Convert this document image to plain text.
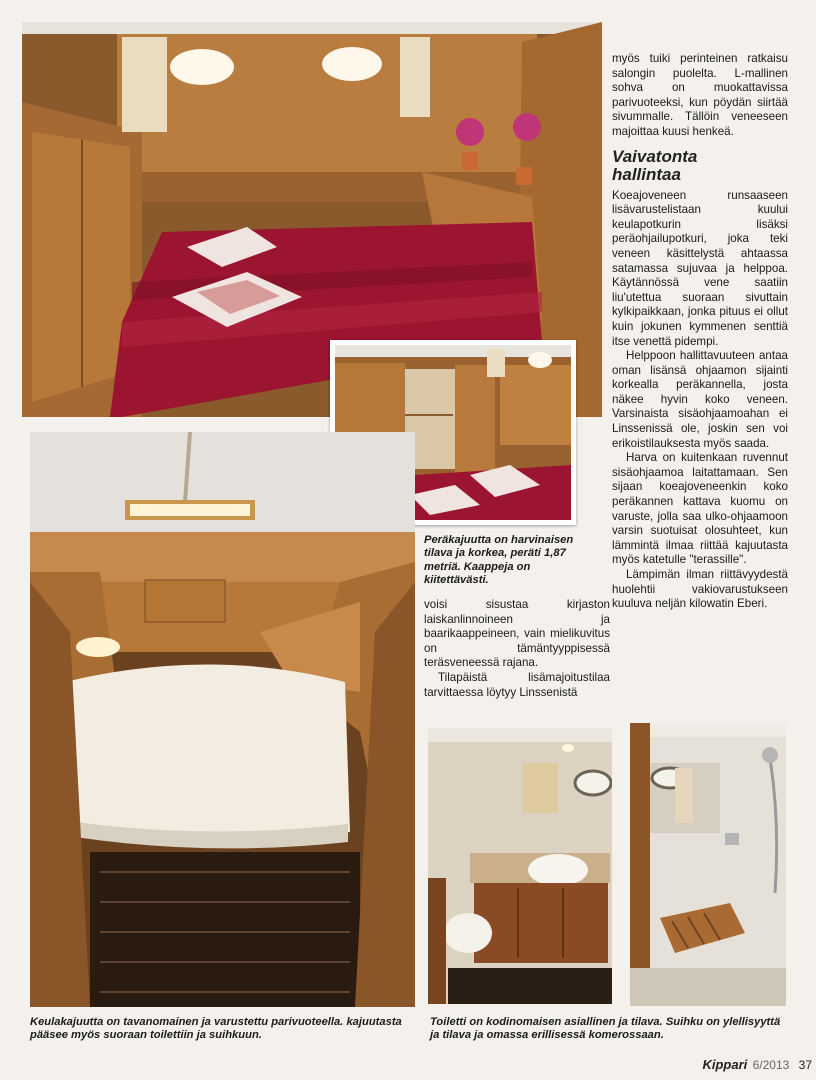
myös tuiki perinteinen ratkaisu salongin puolelta. L-mallinen sohva on muokattavissa parivuoteeksi, kun pöydän siirtää sivummalle. Tällöin veneeseen majoittaa kuusi henkeä.

Vaivatonta hallintaa

Koeajoveneen runsaaseen lisävarustelistaan kuului keulapotkurin lisäksi peräohjailupotkuri, joka teki veneen käsittelystä ahtaassa satamassa sujuvaa ja helppoa. Käytännössä vene saatiin liu'utettua suoraan sivuttain kylkipaikkaan, jonka pituus ei ollut kuin jokunen kymmenen senttiä itse venettä pidempi.

Helppoon hallittavuuteen antaa oman lisänsä ohjaamon sijainti korkealla peräkannella, josta näkee hyvin koko veneen. Varsinaista sisäohjaamoahan ei Linssenissä ole, joskin sen voi erikoistilauksesta myös saada.

Harva on kuitenkaan ruvennut sisäohjaamoa laitattamaan. Sen sijaan koeajoveneenkin koko peräkannen kattava kuomu on varuste, jolla saa ulko-ohjaamoon varsin suotuisat olosuhteet, kun lämmintä ilmaa riittää kajuutasta myös katetulle "terassille".

Lämpimän ilman riittävyydestä huolehtii vakiovarustukseen kuuluva neljän kilowatin Eberi.

Peräkajuutta on harvinaisen tilava ja korkea, peräti 1,87 metriä. Kaappeja on kiitettävästi.

voisi sisustaa kirjaston laiskanlinnoineen ja baarikaappeineen, vain mielikuvitus on tämäntyyppisessä teräsveneessä rajana.

Tilapäistä lisämajoitustilaa tarvittaessa löytyy Linssenistä

Keulakajuutta on tavanomainen ja varustettu parivuoteella. kajuutasta pääsee myös suoraan toilettiin ja suihkuun.
Toiletti on kodinomaisen asiallinen ja tilava. Suihku on ylellisyyttä ja tilava ja omassa erillisessä komerossaan.
Kippari 6/2013 37
